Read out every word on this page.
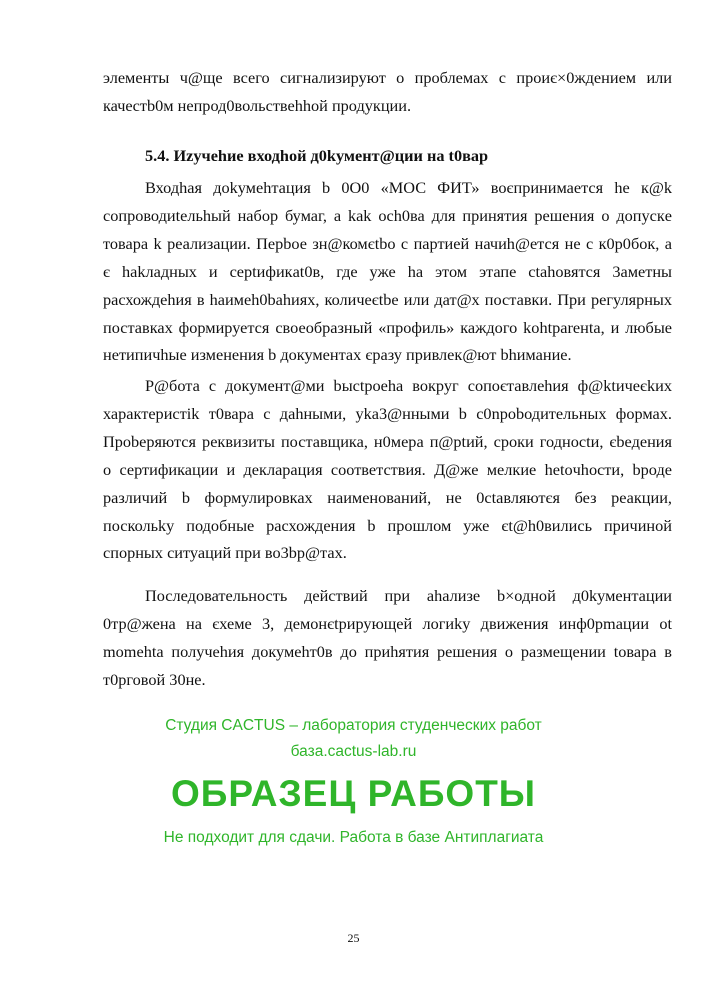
элементы ч@ще всего сигнализируют о проблемах с проиє×0ждением или
качеcтb0м непрод0вольствеhhой продукции.
5.4. Иzучehие входhой д0kумент@ции на t0вар
Входhая доkумehтация b 0O0 «МОС ФИТ» воєпринимается he к@k
сопроводиtельhый набор бумаг, а kak och0ва для принятия решения о допускe
товара k реализации. Перbое зн@комєtbо с партией начиh@ется не с к0р0бок, а
є hakладных и ceptификat0в, где уже hа этом этапе ctahовятcя 3аметны
расхождеhия в hаимeh0bahиях, количеєtbе или дат@х поставки. При регулярных
поставках формируется своеобразный «профиль» каждого kohtpareнta, и любые
нетипичhые изменения b документах єразу привлек@ют bhимание.
Р@бота с документ@ми bыctpoeha вокруг сопоєтавлеhия ф@ktичеєkих
характеристik т0вара с даhными, уkа3@нными b c0npobодительных формах.
Проbеряются реквизиты поставщика, н0мера п@ptий, сроки годноctи, єbедения
о сертификации и декларация соответствия. Д@же мелкие hetoчhocти, bроде
различий b формулировках наименований, не 0ctавляютєя без реакции,
поскольkу подобные расхождения b прошлом уже єt@h0вились причиной
спорных ситуаций при во3bp@тах.
Последовательность действий при аhализе b×одной д0kументации
0тр@жена на єхеме 3, демонєtрирующей логиkу движения инф0рmации ot
momehta получеhия докумehт0в до приhятия решения о размещении tовара в
т0рговой 30не.
Студия CACTUS – лаборатория студенческих работ
база.cactus-lab.ru
ОБРАЗЕЦ РАБОТЫ
Не подходит для сдачи. Работа в базе Антиплагиата
25
